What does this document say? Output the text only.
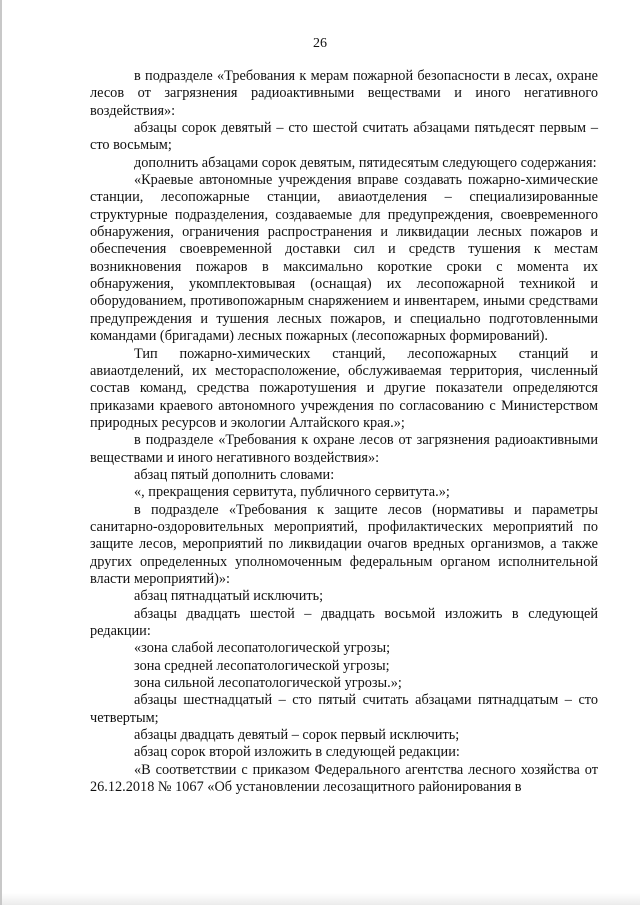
26

в подразделе «Требования к мерам пожарной безопасности в лесах, охране лесов от загрязнения радиоактивными веществами и иного негативного воздействия»:

абзацы сорок девятый – сто шестой считать абзацами пятьдесят первым – сто восьмым;

дополнить абзацами сорок девятым, пятидесятым следующего содержания:

«Краевые автономные учреждения вправе создавать пожарно-химические станции, лесопожарные станции, авиаотделения – специализированные структурные подразделения, создаваемые для предупреждения, своевременного обнаружения, ограничения распространения и ликвидации лесных пожаров и обеспечения своевременной доставки сил и средств тушения к местам возникновения пожаров в максимально короткие сроки с момента их обнаружения, укомплектовывая (оснащая) их лесопожарной техникой и оборудованием, противопожарным снаряжением и инвентарем, иными средствами предупреждения и тушения лесных пожаров, и специально подготовленными командами (бригадами) лесных пожарных (лесопожарных формирований).

Тип пожарно-химических станций, лесопожарных станций и авиаотделений, их месторасположение, обслуживаемая территория, численный состав команд, средства пожаротушения и другие показатели определяются приказами краевого автономного учреждения по согласованию с Министерством природных ресурсов и экологии Алтайского края.»;

в подразделе «Требования к охране лесов от загрязнения радиоактивными веществами и иного негативного воздействия»:

абзац пятый дополнить словами:

«, прекращения сервитута, публичного сервитута.»;

в подразделе «Требования к защите лесов (нормативы и параметры санитарно-оздоровительных мероприятий, профилактических мероприятий по защите лесов, мероприятий по ликвидации очагов вредных организмов, а также других определенных уполномоченным федеральным органом исполнительной власти мероприятий)»:

абзац пятнадцатый исключить;

абзацы двадцать шестой – двадцать восьмой изложить в следующей редакции:

«зона слабой лесопатологической угрозы;

зона средней лесопатологической угрозы;

зона сильной лесопатологической угрозы.»;

абзацы шестнадцатый – сто пятый считать абзацами пятнадцатым – сто четвертым;

абзацы двадцать девятый – сорок первый исключить;

абзац сорок второй изложить в следующей редакции:

«В соответствии с приказом Федерального агентства лесного хозяйства от 26.12.2018 № 1067 «Об установлении лесозащитного районирования в
